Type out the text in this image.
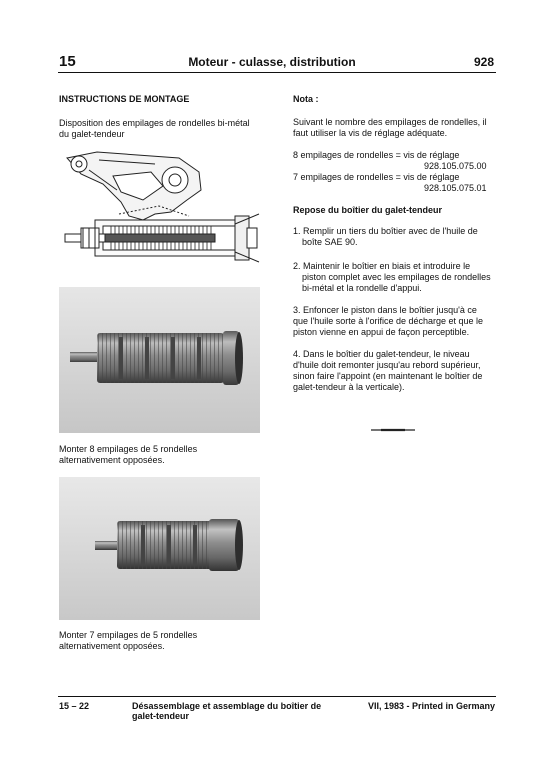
15	Moteur - culasse, distribution	928
INSTRUCTIONS DE MONTAGE
Disposition des empilages de rondelles bi-métal
du galet-tendeur
Monter 8 empilages de 5 rondelles
alternativement opposées.
Monter 7 empilages de 5 rondelles
alternativement opposées.
Nota :
Suivant le nombre des empilages de rondelles, il
faut utiliser la vis de réglage adéquate.
8 empilages de rondelles = vis de réglage
928.105.075.00
7 empilages de rondelles = vis de réglage
928.105.075.01
Repose du boîtier du galet-tendeur
1. Remplir un tiers du boîtier avec de l'huile de
boîte SAE 90.
2. Maintenir le boîtier en biais et introduire le
piston complet avec les empilages de rondelles
bi-métal et la rondelle d'appui.
3. Enfoncer le piston dans le boîtier jusqu'à ce
que l'huile sorte à l'orifice de décharge et que le
piston vienne en appui de façon perceptible.
4. Dans le boîtier du galet-tendeur, le niveau
d'huile doit remonter jusqu'au rebord supérieur,
sinon faire l'appoint (en maintenant le boîtier de
galet-tendeur à la verticale).
15 – 22	Désassemblage et assemblage du boîtier de
galet-tendeur
VII, 1983 - Printed in Germany
